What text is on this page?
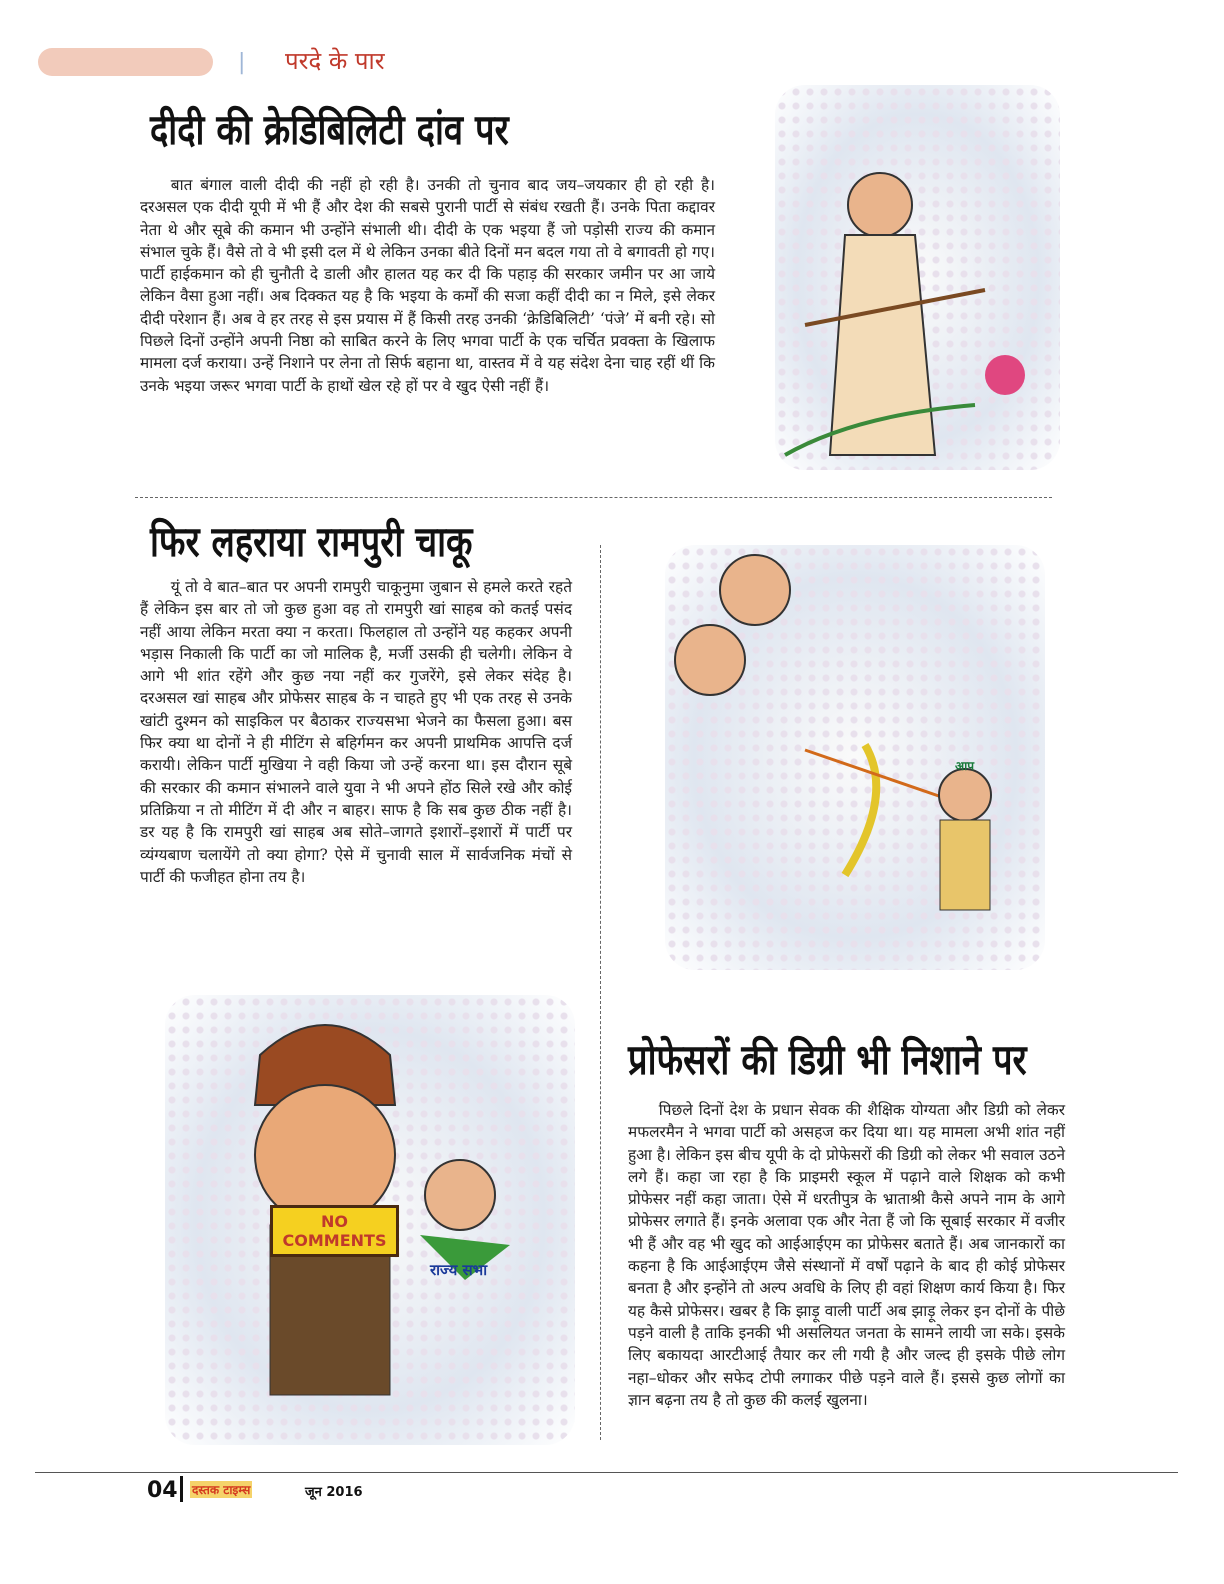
| परदे के पार
दीदी की क्रेडिबिलिटी दांव पर
बात बंगाल वाली दीदी की नहीं हो रही है। उनकी तो चुनाव बाद जय–जयकार ही हो रही है। दरअसल एक दीदी यूपी में भी हैं और देश की सबसे पुरानी पार्टी से संबंध रखती हैं। उनके पिता कद्दावर नेता थे और सूबे की कमान भी उन्होंने संभाली थी। दीदी के एक भइया हैं जो पड़ोसी राज्य की कमान संभाल चुके हैं। वैसे तो वे भी इसी दल में थे लेकिन उनका बीते दिनों मन बदल गया तो वे बगावती हो गए। पार्टी हाईकमान को ही चुनौती दे डाली और हालत यह कर दी कि पहाड़ की सरकार जमीन पर आ जाये लेकिन वैसा हुआ नहीं। अब दिक्कत यह है कि भइया के कर्मों की सजा कहीं दीदी का न मिले, इसे लेकर दीदी परेशान हैं। अब वे हर तरह से इस प्रयास में हैं किसी तरह उनकी ‘क्रेडिबिलिटी’ ‘पंजे’ में बनी रहे। सो पिछले दिनों उन्होंने अपनी निष्ठा को साबित करने के लिए भगवा पार्टी के एक चर्चित प्रवक्ता के खिलाफ मामला दर्ज कराया। उन्हें निशाने पर लेना तो सिर्फ बहाना था, वास्तव में वे यह संदेश देना चाह रहीं थीं कि उनके भइया जरूर भगवा पार्टी के हाथों खेल रहे हों पर वे खुद ऐसी नहीं हैं।
फिर लहराया रामपुरी चाकू
यूं तो वे बात–बात पर अपनी रामपुरी चाकूनुमा जुबान से हमले करते रहते हैं लेकिन इस बार तो जो कुछ हुआ वह तो रामपुरी खां साहब को कतई पसंद नहीं आया लेकिन मरता क्या न करता। फिलहाल तो उन्होंने यह कहकर अपनी भड़ास निकाली कि पार्टी का जो मालिक है, मर्जी उसकी ही चलेगी। लेकिन वे आगे भी शांत रहेंगे और कुछ नया नहीं कर गुजरेंगे, इसे लेकर संदेह है। दरअसल खां साहब और प्रोफेसर साहब के न चाहते हुए भी एक तरह से उनके खांटी दुश्मन को साइकिल पर बैठाकर राज्यसभा भेजने का फैसला हुआ। बस फिर क्या था दोनों ने ही मीटिंग से बहिर्गमन कर अपनी प्राथमिक आपत्ति दर्ज करायी। लेकिन पार्टी मुखिया ने वही किया जो उन्हें करना था। इस दौरान सूबे की सरकार की कमान संभालने वाले युवा ने भी अपने होंठ सिले रखे और कोई प्रतिक्रिया न तो मीटिंग में दी और न बाहर। साफ है कि सब कुछ ठीक नहीं है। डर यह है कि रामपुरी खां साहब अब सोते–जागते इशारों–इशारों में पार्टी पर व्यंग्यबाण चलायेंगे तो क्या होगा? ऐसे में चुनावी साल में सार्वजनिक मंचों से पार्टी की फजीहत होना तय है।
आप
NO COMMENTS
राज्य सभा
प्रोफेसरों की डिग्री भी निशाने पर
पिछले दिनों देश के प्रधान सेवक की शैक्षिक योग्यता और डिग्री को लेकर मफलरमैन ने भगवा पार्टी को असहज कर दिया था। यह मामला अभी शांत नहीं हुआ है। लेकिन इस बीच यूपी के दो प्रोफेसरों की डिग्री को लेकर भी सवाल उठने लगे हैं। कहा जा रहा है कि प्राइमरी स्कूल में पढ़ाने वाले शिक्षक को कभी प्रोफेसर नहीं कहा जाता। ऐसे में धरतीपुत्र के भ्राताश्री कैसे अपने नाम के आगे प्रोफेसर लगाते हैं। इनके अलावा एक और नेता हैं जो कि सूबाई सरकार में वजीर भी हैं और वह भी खुद को आईआईएम का प्रोफेसर बताते हैं। अब जानकारों का कहना है कि आईआईएम जैसे संस्थानों में वर्षों पढ़ाने के बाद ही कोई प्रोफेसर बनता है और इन्होंने तो अल्प अवधि के लिए ही वहां शिक्षण कार्य किया है। फिर यह कैसे प्रोफेसर। खबर है कि झाड़ू वाली पार्टी अब झाड़ू लेकर इन दोनों के पीछे पड़ने वाली है ताकि इनकी भी असलियत जनता के सामने लायी जा सके। इसके लिए बकायदा आरटीआई तैयार कर ली गयी है और जल्द ही इसके पीछे लोग नहा–धोकर और सफेद टोपी लगाकर पीछे पड़ने वाले हैं। इससे कुछ लोगों का ज्ञान बढ़ना तय है तो कुछ की कलई खुलना।
04 दस्तक टाइम्स	जून 2016
